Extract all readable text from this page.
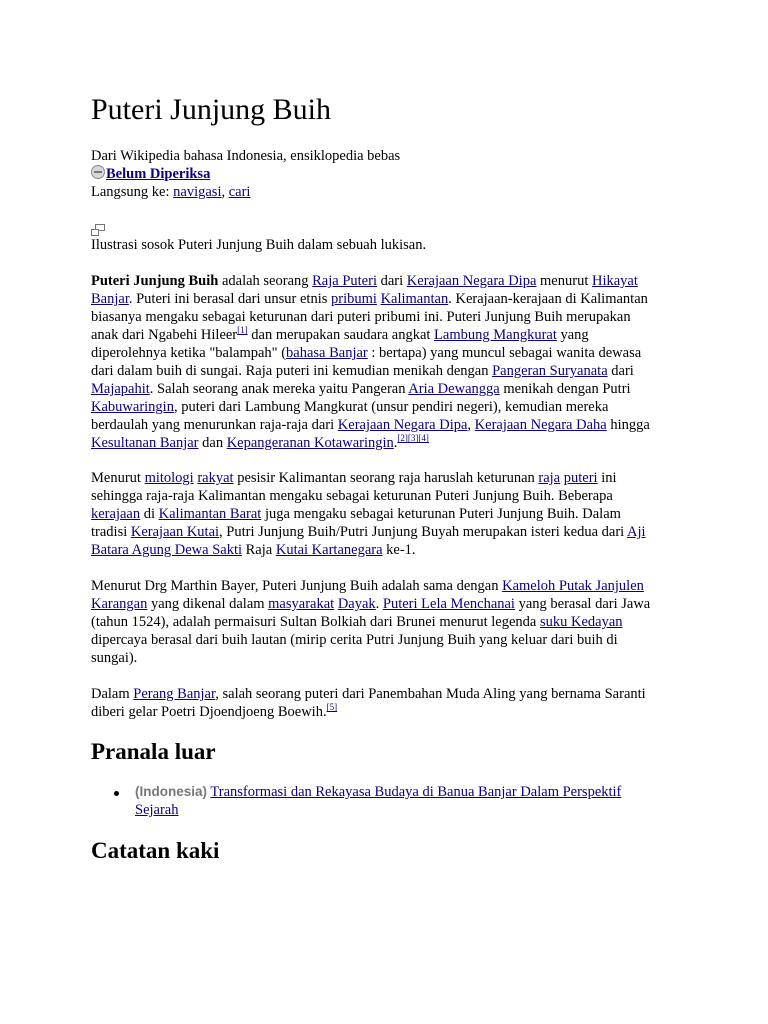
Puteri Junjung Buih
Dari Wikipedia bahasa Indonesia, ensiklopedia bebas
Belum Diperiksa
Langsung ke: navigasi, cari
Ilustrasi sosok Puteri Junjung Buih dalam sebuah lukisan.
Puteri Junjung Buih adalah seorang Raja Puteri dari Kerajaan Negara Dipa menurut Hikayat
Banjar. Puteri ini berasal dari unsur etnis pribumi Kalimantan. Kerajaan-kerajaan di Kalimantan
biasanya mengaku sebagai keturunan dari puteri pribumi ini. Puteri Junjung Buih merupakan
anak dari Ngabehi Hileer[1] dan merupakan saudara angkat Lambung Mangkurat yang
diperolehnya ketika "balampah" (bahasa Banjar : bertapa) yang muncul sebagai wanita dewasa
dari dalam buih di sungai. Raja puteri ini kemudian menikah dengan Pangeran Suryanata dari
Majapahit. Salah seorang anak mereka yaitu Pangeran Aria Dewangga menikah dengan Putri
Kabuwaringin, puteri dari Lambung Mangkurat (unsur pendiri negeri), kemudian mereka
berdaulah yang menurunkan raja-raja dari Kerajaan Negara Dipa, Kerajaan Negara Daha hingga
Kesultanan Banjar dan Kepangeranan Kotawaringin.[2][3][4]
Menurut mitologi rakyat pesisir Kalimantan seorang raja haruslah keturunan raja puteri ini
sehingga raja-raja Kalimantan mengaku sebagai keturunan Puteri Junjung Buih. Beberapa
kerajaan di Kalimantan Barat juga mengaku sebagai keturunan Puteri Junjung Buih. Dalam
tradisi Kerajaan Kutai, Putri Junjung Buih/Putri Junjung Buyah merupakan isteri kedua dari Aji
Batara Agung Dewa Sakti Raja Kutai Kartanegara ke-1.
Menurut Drg Marthin Bayer, Puteri Junjung Buih adalah sama dengan Kameloh Putak Janjulen
Karangan yang dikenal dalam masyarakat Dayak. Puteri Lela Menchanai yang berasal dari Jawa
(tahun 1524), adalah permaisuri Sultan Bolkiah dari Brunei menurut legenda suku Kedayan
dipercaya berasal dari buih lautan (mirip cerita Putri Junjung Buih yang keluar dari buih di
sungai).
Dalam Perang Banjar, salah seorang puteri dari Panembahan Muda Aling yang bernama Saranti
diberi gelar Poetri Djoendjoeng Boewih.[5]
Pranala luar
(Indonesia) Transformasi dan Rekayasa Budaya di Banua Banjar Dalam Perspektif
Sejarah
Catatan kaki
